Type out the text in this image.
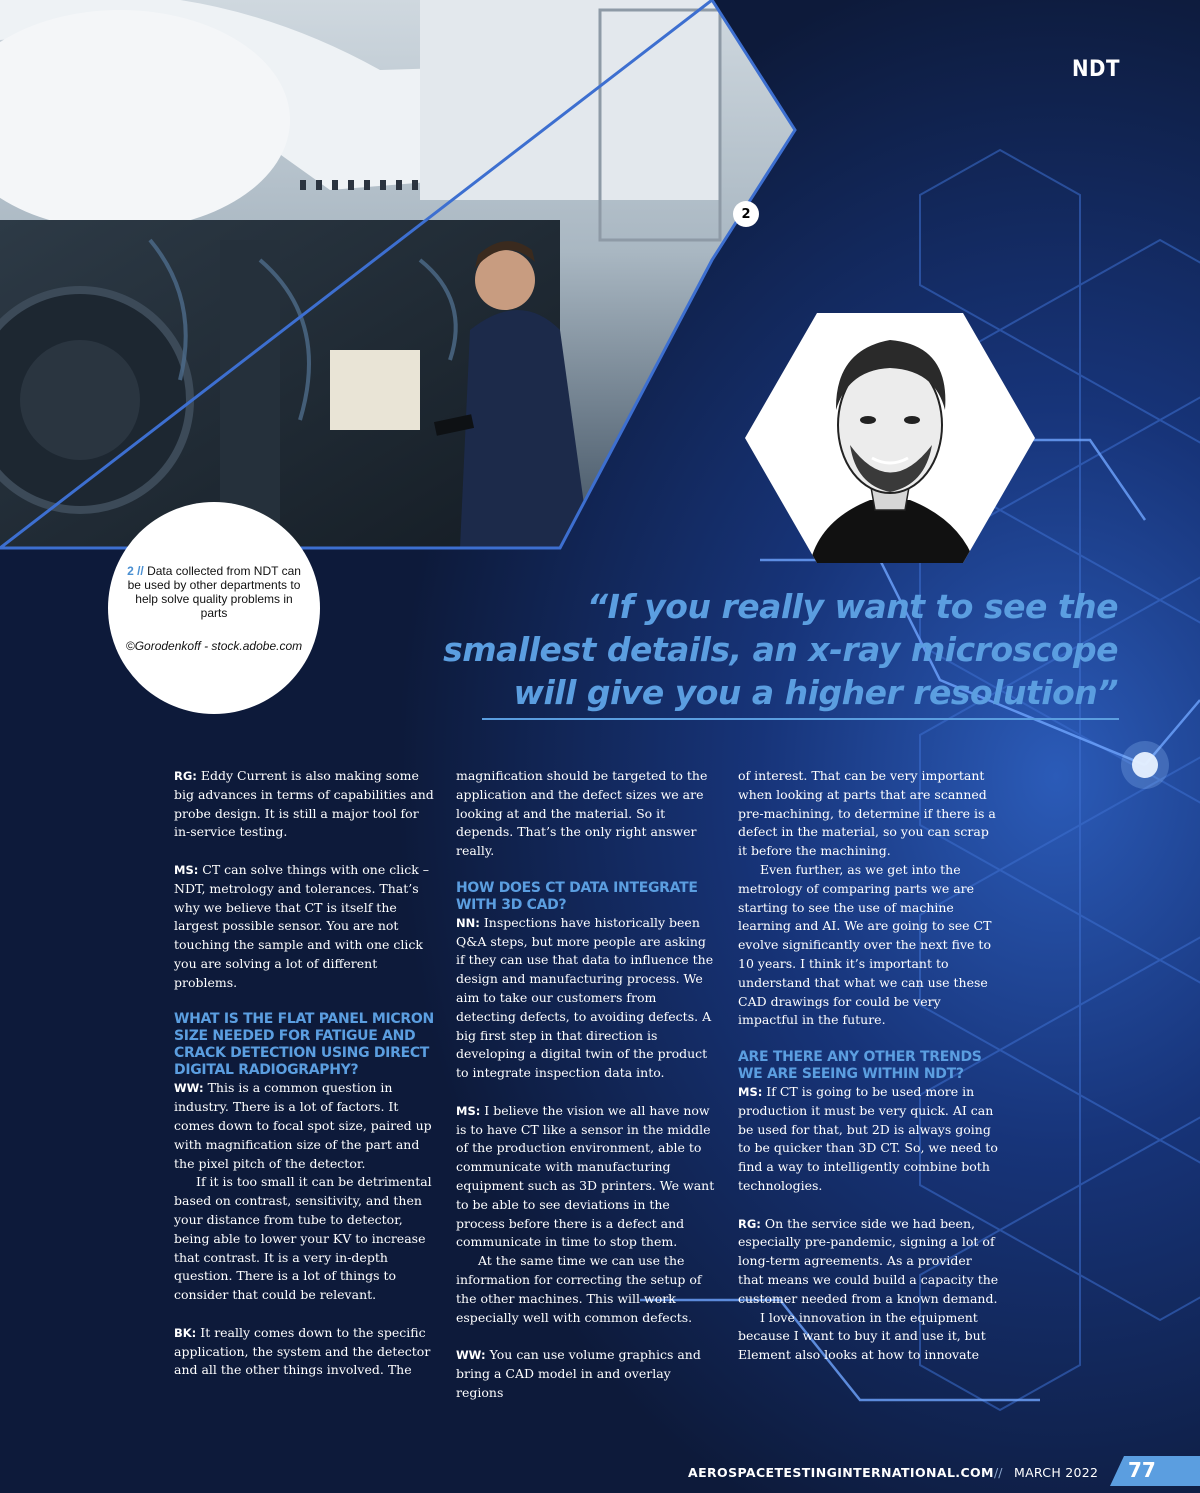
NDT
2
2 // Data collected from NDT can be used by other departments to help solve quality problems in parts
©Gorodenkoff - stock.adobe.com
“If you really want to see the
smallest details, an x-ray microscope
will give you a higher resolution”

RG: Eddy Current is also making some big advances in terms of capabilities and probe design. It is still a major tool for in-service testing.

MS: CT can solve things with one click – NDT, metrology and tolerances. That’s why we believe that CT is itself the largest possible sensor. You are not touching the sample and with one click you are solving a lot of different problems.

WHAT IS THE FLAT PANEL MICRON SIZE NEEDED FOR FATIGUE AND CRACK DETECTION USING DIRECT DIGITAL RADIOGRAPHY?

WW: This is a common question in industry. There is a lot of factors. It comes down to focal spot size, paired up with magnification size of the part and the pixel pitch of the detector.

If it is too small it can be detrimental based on contrast, sensitivity, and then your distance from tube to detector, being able to lower your KV to increase that contrast. It is a very in-depth question. There is a lot of things to consider that could be relevant.

BK: It really comes down to the specific application, the system and the detector and all the other things involved. The

magnification should be targeted to the application and the defect sizes we are looking at and the material. So it depends. That’s the only right answer really.

HOW DOES CT DATA INTEGRATE WITH 3D CAD?

NN: Inspections have historically been Q&A steps, but more people are asking if they can use that data to influence the design and manufacturing process. We aim to take our customers from detecting defects, to avoiding defects. A big first step in that direction is developing a digital twin of the product to integrate inspection data into.

MS: I believe the vision we all have now is to have CT like a sensor in the middle of the production environment, able to communicate with manufacturing equipment such as 3D printers. We want to be able to see deviations in the process before there is a defect and communicate in time to stop them.

At the same time we can use the information for correcting the setup of the other machines. This will work especially well with common defects.

WW: You can use volume graphics and bring a CAD model in and overlay regions

of interest. That can be very important when looking at parts that are scanned pre-machining, to determine if there is a defect in the material, so you can scrap it before the machining.

Even further, as we get into the metrology of comparing parts we are starting to see the use of machine learning and AI. We are going to see CT evolve significantly over the next five to 10 years. I think it’s important to understand that what we can use these CAD drawings for could be very impactful in the future.

ARE THERE ANY OTHER TRENDS WE ARE SEEING WITHIN NDT?

MS: If CT is going to be used more in production it must be very quick. AI can be used for that, but 2D is always going to be quicker than 3D CT. So, we need to find a way to intelligently combine both technologies.

RG: On the service side we had been, especially pre-pandemic, signing a lot of long-term agreements. As a provider that means we could build a capacity the customer needed from a known demand.

I love innovation in the equipment because I want to buy it and use it, but Element also looks at how to innovate

AEROSPACETESTINGINTERNATIONAL.COM // MARCH 2022 77
